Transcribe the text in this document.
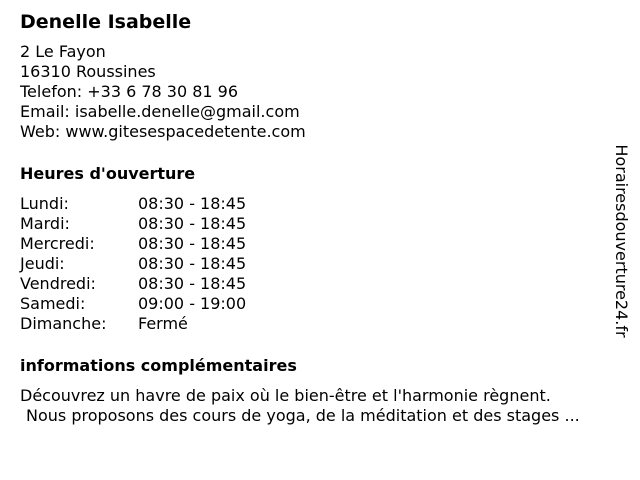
Denelle Isabelle
2 Le Fayon
16310 Roussines
Telefon: +33 6 78 30 81 96
Email: isabelle.denelle@gmail.com
Web: www.gitesespacedetente.com
Heures d'ouverture
Lundi:	08:30 - 18:45
Mardi:	08:30 - 18:45
Mercredi:	08:30 - 18:45
Jeudi:	08:30 - 18:45
Vendredi:	08:30 - 18:45
Samedi:	09:00 - 19:00
Dimanche:	Fermé
informations complémentaires
Découvrez un havre de paix où le bien-être et l'harmonie règnent.
Nous proposons des cours de yoga, de la méditation et des stages ...
Horairesdouverture24.fr
